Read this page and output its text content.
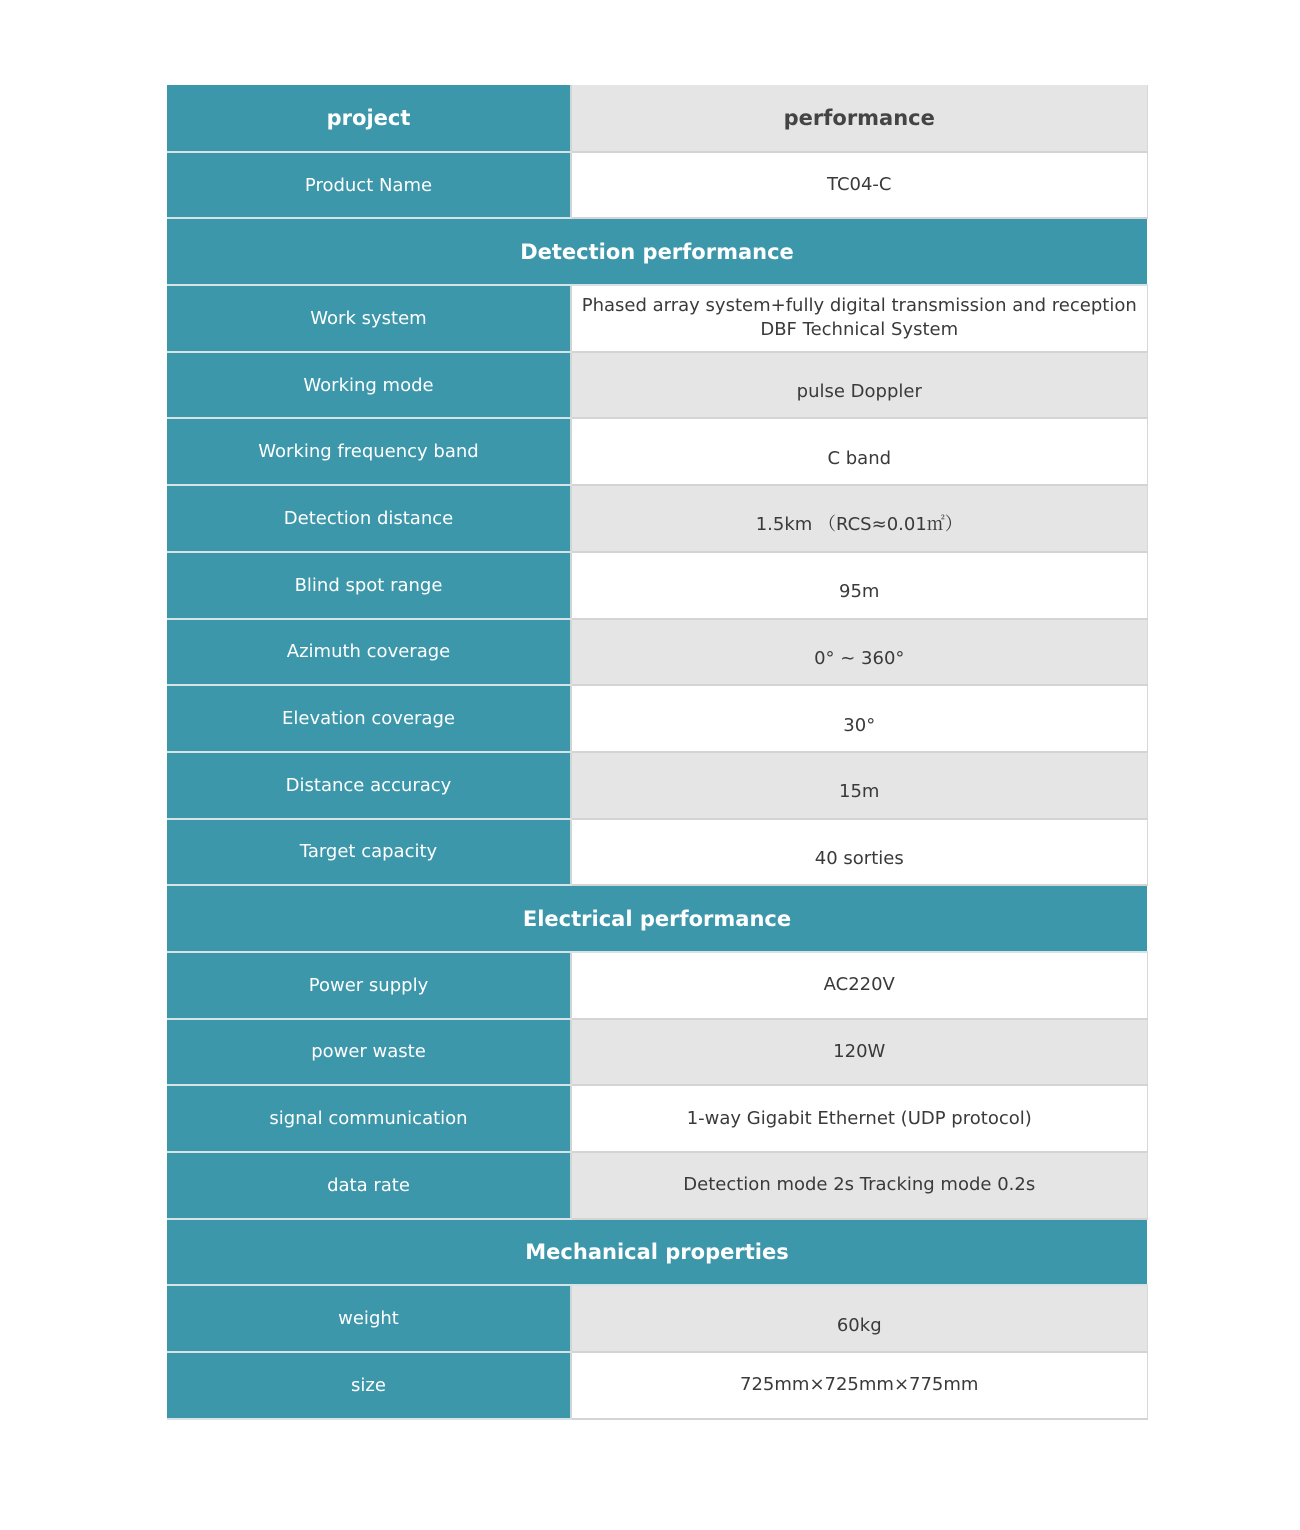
project	performance
Product Name	TC04-C
Detection performance	
Work system	Phased array system+fully digital transmission and reception
DBF Technical System
Working mode	pulse Doppler
Working frequency band	C band
Detection distance	1.5km （RCS≈0.01㎡）
Blind spot range	95m
Azimuth coverage	0° ~ 360°
Elevation coverage	30°
Distance accuracy	15m
Target capacity	40 sorties
Electrical performance	
Power supply	AC220V
power waste	120W
signal communication	1-way Gigabit Ethernet (UDP protocol)
data rate	Detection mode 2s Tracking mode 0.2s
Mechanical properties	
weight	60kg
size	725mm×725mm×775mm
